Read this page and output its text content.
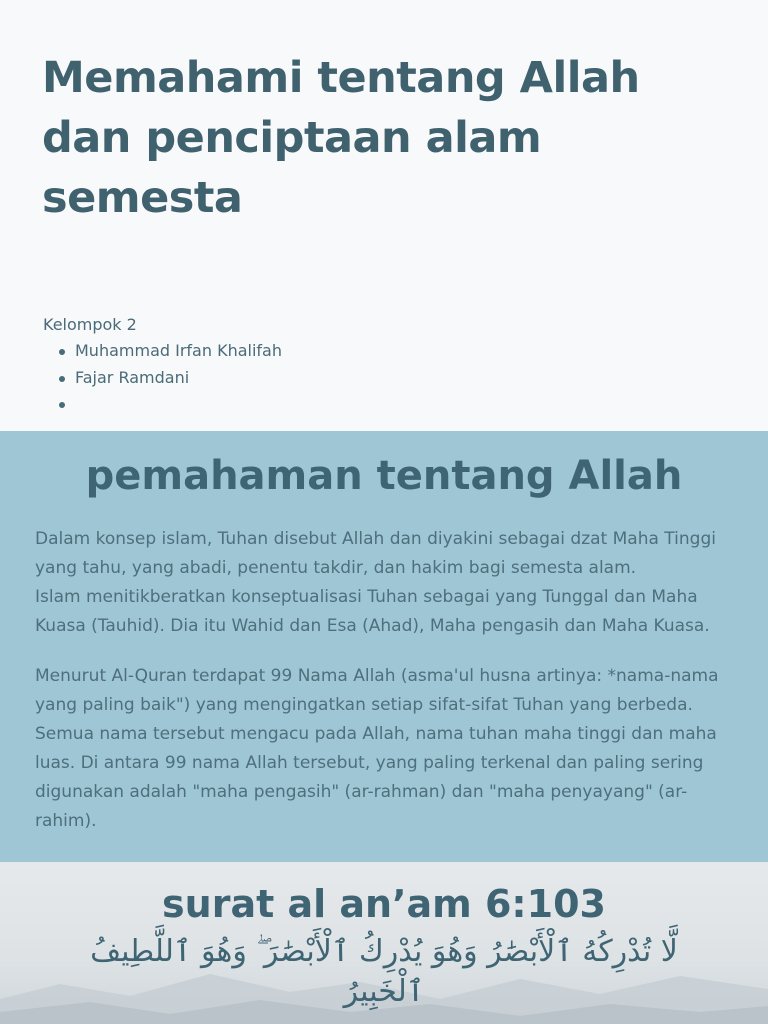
Memahami tentang Allah dan penciptaan alam semesta
Kelompok 2
Muhammad Irfan Khalifah
Fajar Ramdani
pemahaman tentang Allah
Dalam konsep islam, Tuhan disebut Allah dan diyakini sebagai dzat Maha Tinggi yang tahu, yang abadi, penentu takdir, dan hakim bagi semesta alam.
Islam menitikberatkan konseptualisasi Tuhan sebagai yang Tunggal dan Maha Kuasa (Tauhid). Dia itu Wahid dan Esa (Ahad), Maha pengasih dan Maha Kuasa.

Menurut Al-Quran terdapat 99 Nama Allah (asma'ul husna artinya: *nama-nama yang paling baik") yang mengingatkan setiap sifat-sifat Tuhan yang berbeda. Semua nama tersebut mengacu pada Allah, nama tuhan maha tinggi dan maha luas. Di antara 99 nama Allah tersebut, yang paling terkenal dan paling sering digunakan adalah "maha pengasih" (ar-rahman) dan "maha penyayang" (ar-rahim).

surat al an’am 6:103

لَّا تُدْرِكُهُ ٱلْأَبْصَٰرُ وَهُوَ يُدْرِكُ ٱلْأَبْصَٰرَ ۖ وَهُوَ ٱللَّطِيفُ ٱلْخَبِيرُ
